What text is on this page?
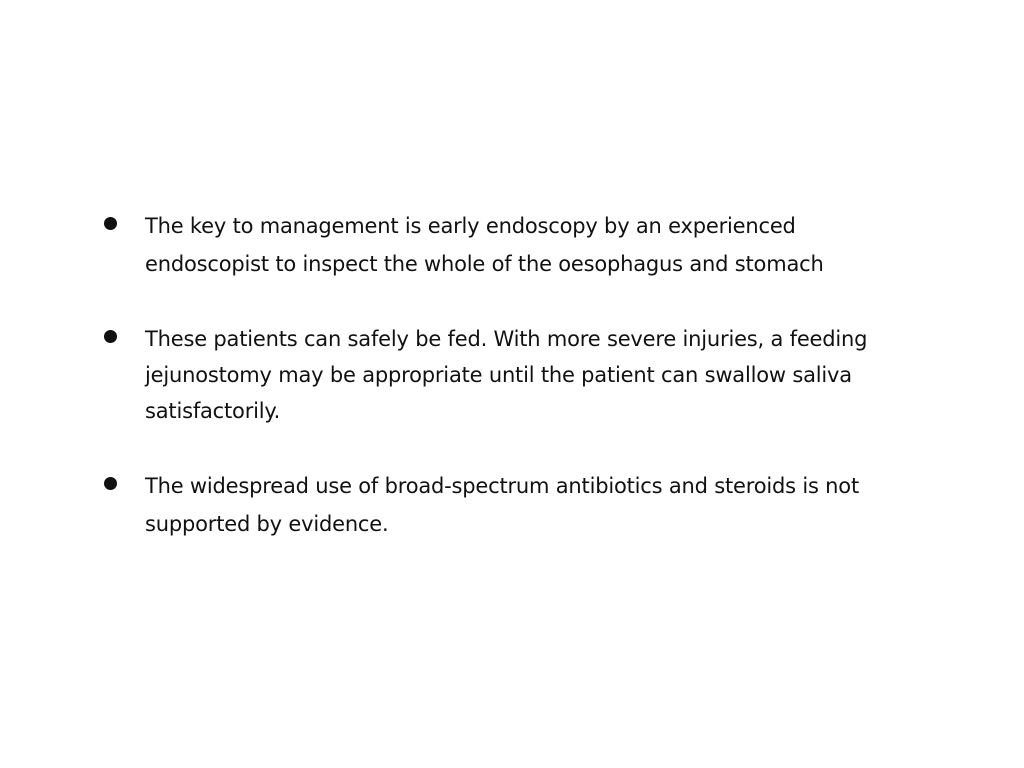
The key to management is early endoscopy by an experienced endoscopist to inspect the whole of the oesophagus and stomach
These patients can safely be fed. With more severe injuries, a feeding jejunostomy may be appropriate until the patient can swallow saliva satisfactorily.
The widespread use of broad-spectrum antibiotics and steroids is not supported by evidence.
